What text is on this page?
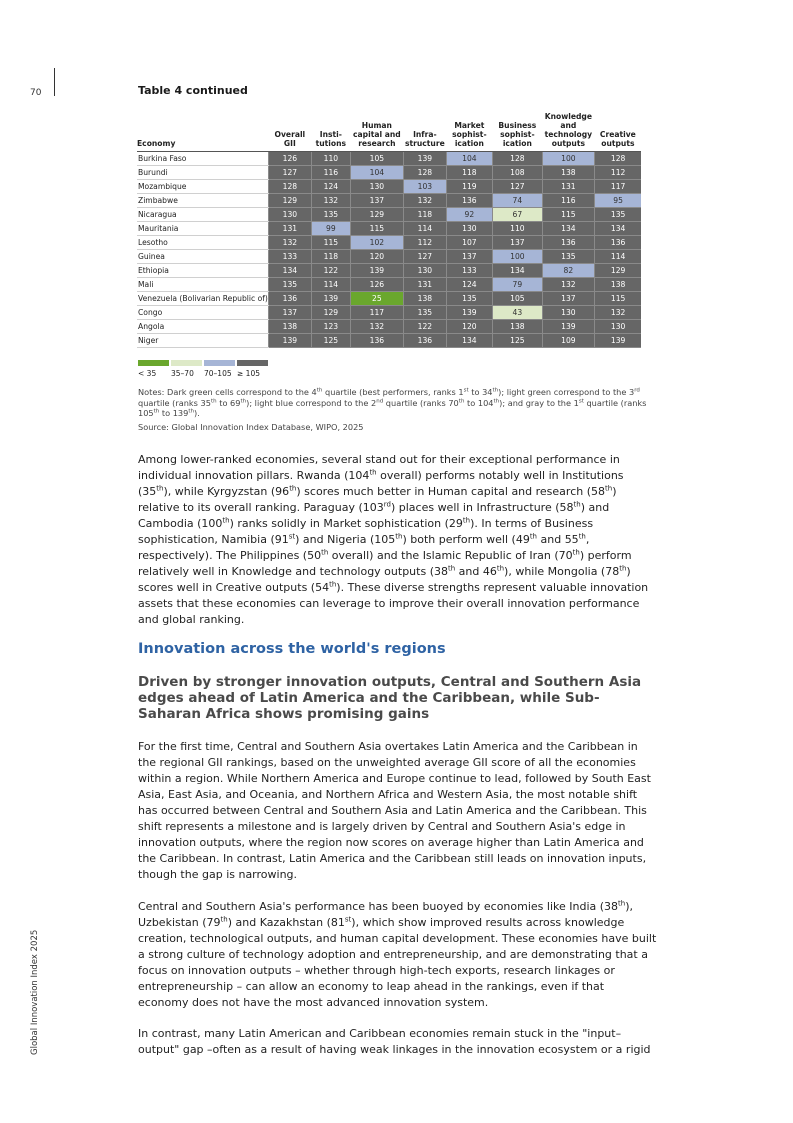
70
Global Innovation Index 2025
Table 4 continued
Economy	Overall GII	Insti- tutions	Human capital and research	Infra- structure	Market sophist- ication	Business sophist- ication	Knowledge and technology outputs	Creative outputs
Burkina Faso	126	110	105	139	104	128	100	128
Burundi	127	116	104	128	118	108	138	112
Mozambique	128	124	130	103	119	127	131	117
Zimbabwe	129	132	137	132	136	74	116	95
Nicaragua	130	135	129	118	92	67	115	135
Mauritania	131	99	115	114	130	110	134	134
Lesotho	132	115	102	112	107	137	136	136
Guinea	133	118	120	127	137	100	135	114
Ethiopia	134	122	139	130	133	134	82	129
Mali	135	114	126	131	124	79	132	138
Venezuela (Bolivarian Republic of)	136	139	25	138	135	105	137	115
Congo	137	129	117	135	139	43	130	132
Angola	138	123	132	122	120	138	139	130
Niger	139	125	136	136	134	125	109	139
< 35 35–70 70–105 ≥ 105
Notes: Dark green cells correspond to the 4th quartile (best performers, ranks 1st to 34th); light green correspond to the 3rd quartile (ranks 35th to 69th); light blue correspond to the 2nd quartile (ranks 70th to 104th); and gray to the 1st quartile (ranks 105th to 139th).
Source: Global Innovation Index Database, WIPO, 2025

Among lower-ranked economies, several stand out for their exceptional performance in individual innovation pillars. Rwanda (104th overall) performs notably well in Institutions (35th), while Kyrgyzstan (96th) scores much better in Human capital and research (58th) relative to its overall ranking. Paraguay (103rd) places well in Infrastructure (58th) and Cambodia (100th) ranks solidly in Market sophistication (29th). In terms of Business sophistication, Namibia (91st) and Nigeria (105th) both perform well (49th and 55th, respectively). The Philippines (50th overall) and the Islamic Republic of Iran (70th) perform relatively well in Knowledge and technology outputs (38th and 46th), while Mongolia (78th) scores well in Creative outputs (54th). These diverse strengths represent valuable innovation assets that these economies can leverage to improve their overall innovation performance and global ranking.

Innovation across the world's regions
Driven by stronger innovation outputs, Central and Southern Asia edges ahead of Latin America and the Caribbean, while Sub-Saharan Africa shows promising gains

For the first time, Central and Southern Asia overtakes Latin America and the Caribbean in the regional GII rankings, based on the unweighted average GII score of all the economies within a region. While Northern America and Europe continue to lead, followed by South East Asia, East Asia, and Oceania, and Northern Africa and Western Asia, the most notable shift has occurred between Central and Southern Asia and Latin America and the Caribbean. This shift represents a milestone and is largely driven by Central and Southern Asia's edge in innovation outputs, where the region now scores on average higher than Latin America and the Caribbean. In contrast, Latin America and the Caribbean still leads on innovation inputs, though the gap is narrowing.

Central and Southern Asia's performance has been buoyed by economies like India (38th), Uzbekistan (79th) and Kazakhstan (81st), which show improved results across knowledge creation, technological outputs, and human capital development. These economies have built a strong culture of technology adoption and entrepreneurship, and are demonstrating that a focus on innovation outputs – whether through high-tech exports, research linkages or entrepreneurship – can allow an economy to leap ahead in the rankings, even if that economy does not have the most advanced innovation system.

In contrast, many Latin American and Caribbean economies remain stuck in the "input–output" gap –often as a result of having weak linkages in the innovation ecosystem or a rigid
